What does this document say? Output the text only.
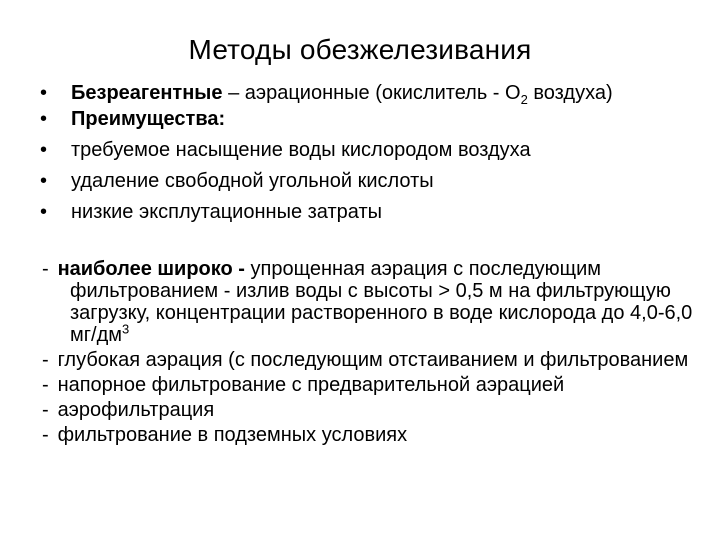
Методы обезжелезивания
•	Безреагентные – аэрационные (окислитель - $О_2$ воздуха)
•	Преимущества:
•	требуемое насыщение воды кислородом воздуха
•	удаление свободной угольной кислоты
•	низкие эксплутационные затраты
- наиболее широко - упрощенная аэрация с последующим фильтрованием - излив воды с высоты > 0,5 м на фильтрующую загрузку, концентрации растворенного в воде кислорода до 4,0-6,0 $мг/дм^3$
- глубокая аэрация (с последующим отстаиванием и фильтрованием
- напорное фильтрование с предварительной аэрацией
- аэрофильтрация
- фильтрование в подземных условиях
